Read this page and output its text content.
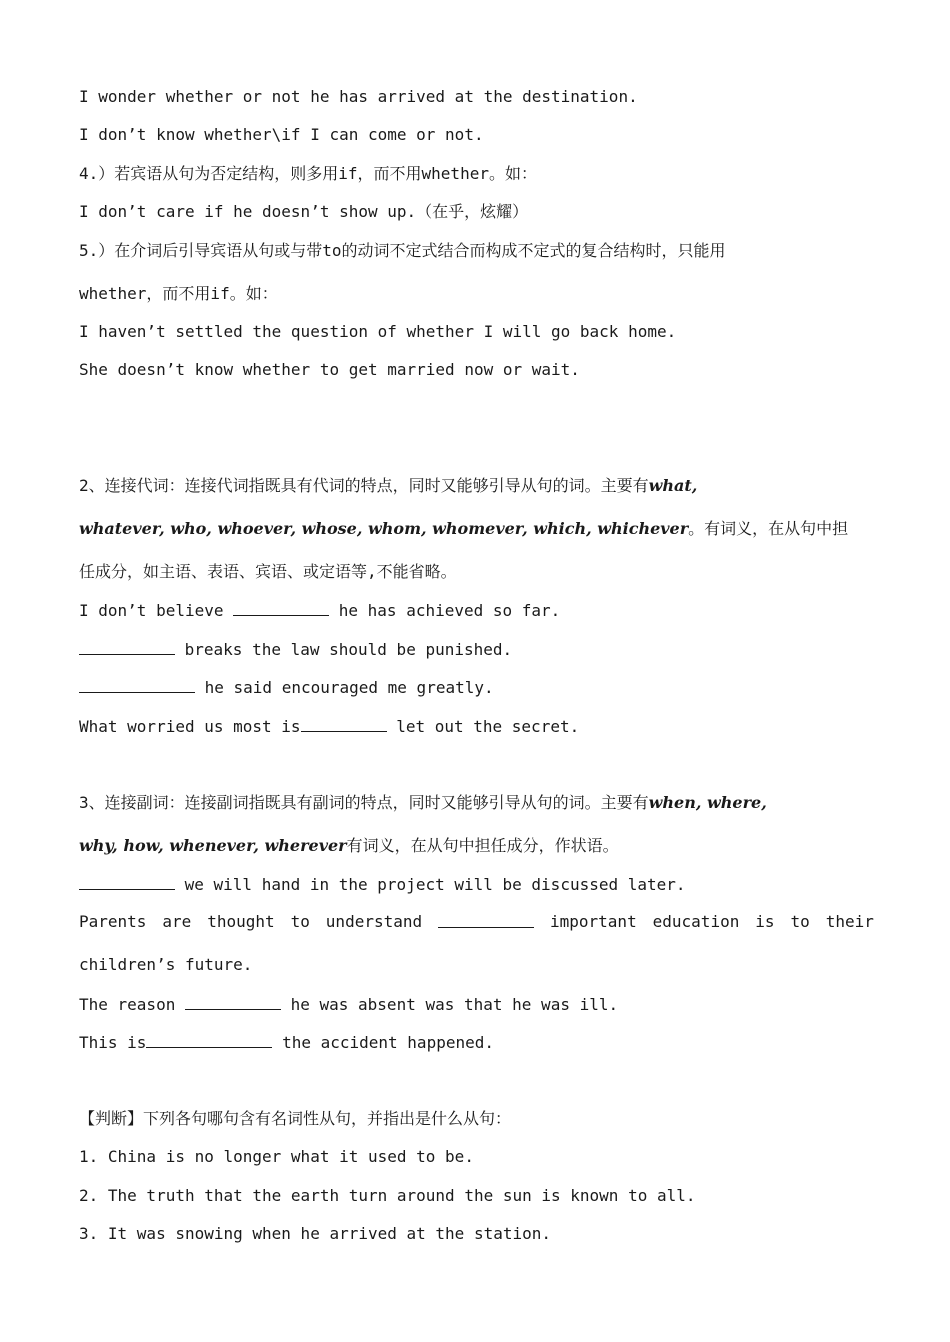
I wonder whether or not he has arrived at the destination.
I don’t know whether\if I can come or not.
4.）若宾语从句为否定结构，则多用if，而不用whether。如：
I don’t care if he doesn’t show up.（在乎，炫耀）
5.）在介词后引导宾语从句或与带to的动词不定式结合而构成不定式的复合结构时，只能用
whether，而不用if。如：
I haven’t settled the question of whether I will go back home.
She doesn’t know whether to get married now or wait.
2、连接代词：连接代词指既具有代词的特点，同时又能够引导从句的词。主要有what,
whatever, who, whoever, whose, whom, whomever, which, whichever。有词义，在从句中担
任成分，如主语、表语、宾语、或定语等,不能省略。
I don’t believe	he has achieved so far.
breaks the law should be punished.
he said encouraged me greatly.
What worried us most is	let out the secret.
3、连接副词：连接副词指既具有副词的特点，同时又能够引导从句的词。主要有when, where,
why, how, whenever, wherever有词义，在从句中担任成分，作状语。
we will hand in the project will be discussed later.
Parents are thought to understand	important education is to their
children’s future.
The reason	he was absent was that he was ill.
This is	the accident happened.
【判断】下列各句哪句含有名词性从句，并指出是什么从句：
1. China is no longer what it used to be.
2. The truth that the earth turn around the sun is known to all.
3. It was snowing when he arrived at the station.
